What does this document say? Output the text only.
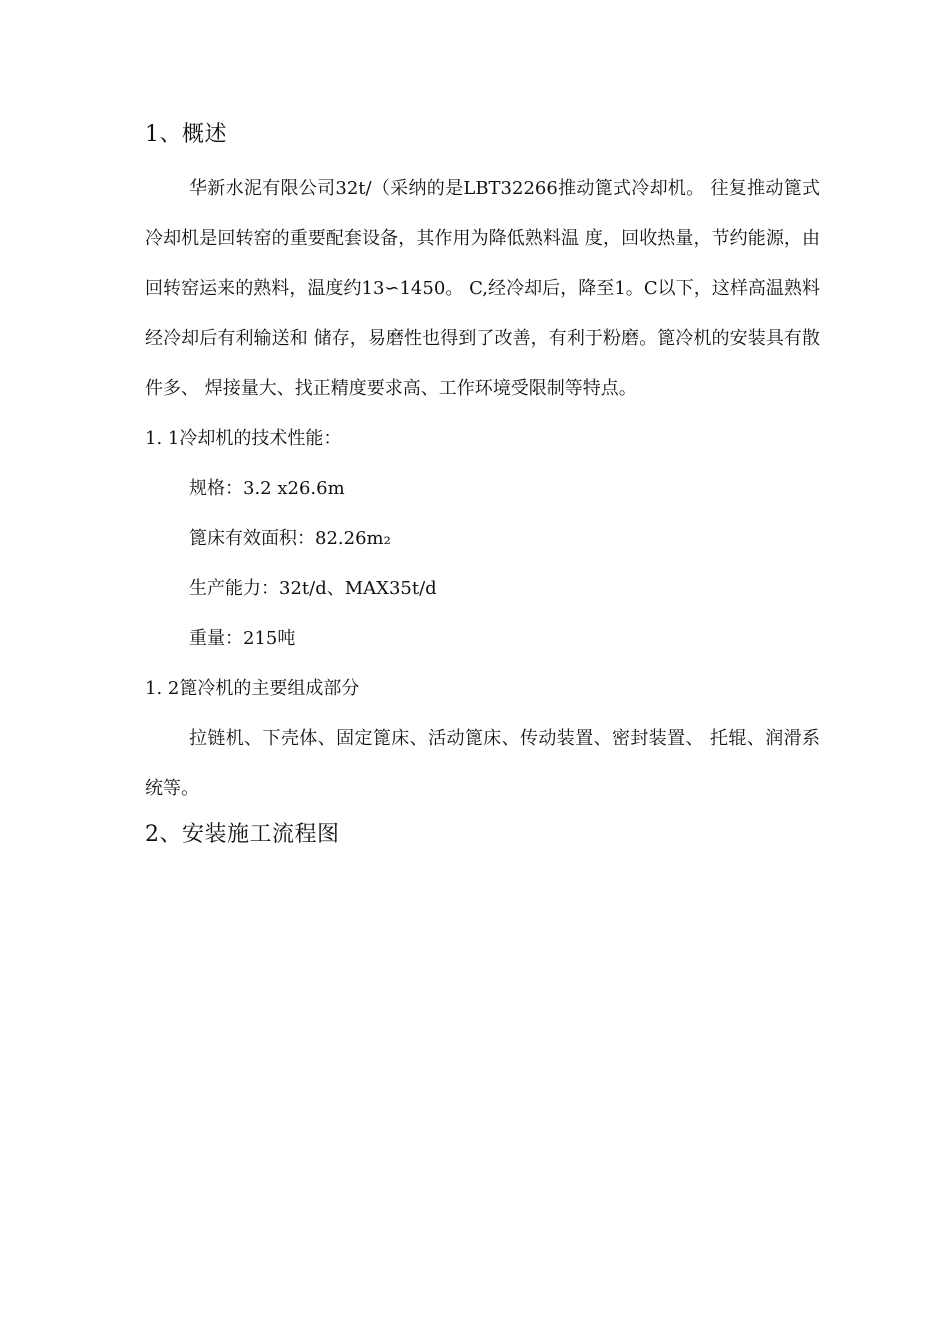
1、概述

华新水泥有限公司32t/（采纳的是LBT32266推动篦式冷却机。 往复推动篦式冷却机是回转窑的重要配套设备，其作用为降低熟料温 度，回收热量，节约能源，由回转窑运来的熟料，温度约13∽1450。 C,经冷却后，降至1。C以下，这样高温熟料经冷却后有利输送和 储存，易磨性也得到了改善，有利于粉磨。篦冷机的安装具有散件多、 焊接量大、找正精度要求高、工作环境受限制等特点。

1. 1冷却机的技术性能：
规格：3.2 x26.6m
篦床有效面积：82.26m₂
生产能力：32t/d、MAX35t/d
重量：215吨
1. 2篦冷机的主要组成部分

拉链机、下壳体、固定篦床、活动篦床、传动装置、密封装置、 托辊、润滑系统等。

2、安装施工流程图
